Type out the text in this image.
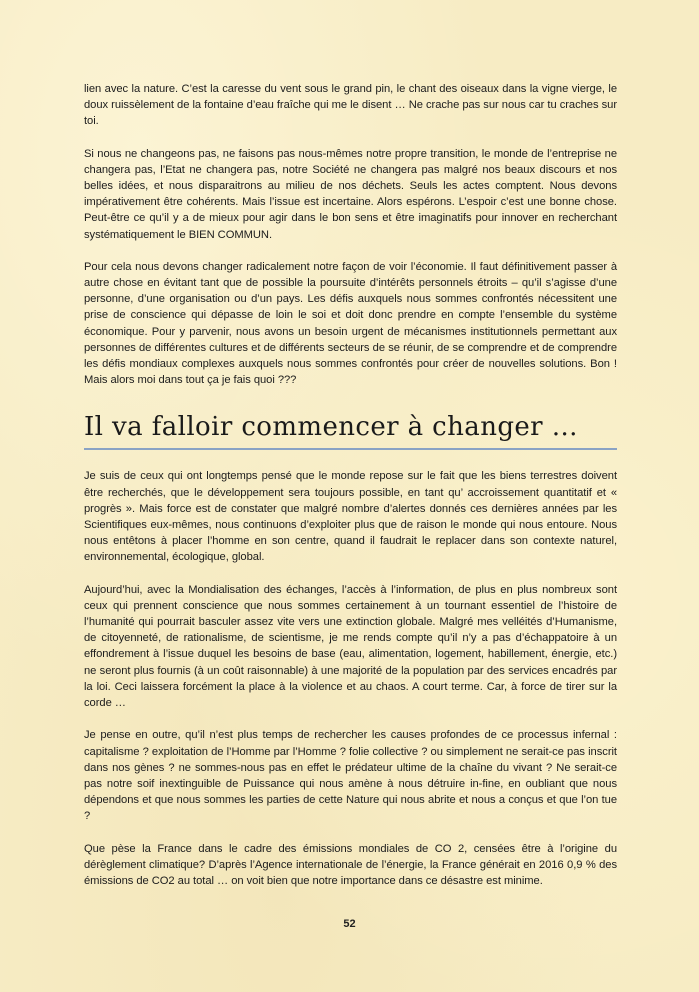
lien avec la nature. C’est la caresse du vent sous le grand pin, le chant des oiseaux dans la vigne vierge, le doux ruissèlement de la fontaine d’eau fraîche qui me le disent … Ne crache pas sur nous car tu craches sur toi.

Si nous ne changeons pas, ne faisons pas nous-mêmes notre propre transition, le monde de l’entreprise ne changera pas, l’Etat ne changera pas, notre Société ne changera pas malgré nos beaux discours et nos belles idées, et nous disparaitrons au milieu de nos déchets. Seuls les actes comptent. Nous devons impérativement être cohérents. Mais l’issue est incertaine. Alors espérons. L’espoir c’est une bonne chose. Peut-être ce qu’il y a de mieux pour agir dans le bon sens et être imaginatifs pour innover en recherchant systématiquement le BIEN COMMUN.

Pour cela nous devons changer radicalement notre façon de voir l’économie. Il faut définitivement passer à autre chose en évitant tant que de possible la poursuite d’intérêts personnels étroits – qu’il s’agisse d’une personne, d’une organisation ou d’un pays. Les défis auxquels nous sommes confrontés nécessitent une prise de conscience qui dépasse de loin le soi et doit donc prendre en compte l’ensemble du système économique. Pour y parvenir, nous avons un besoin urgent de mécanismes institutionnels permettant aux personnes de différentes cultures et de différents secteurs de se réunir, de se comprendre et de comprendre les défis mondiaux complexes auxquels nous sommes confrontés pour créer de nouvelles solutions. Bon ! Mais alors moi dans tout ça je fais quoi ???

Il va falloir commencer à changer …

Je suis de ceux qui ont longtemps pensé que le monde repose sur le fait que les biens terrestres doivent être recherchés, que le développement sera toujours possible, en tant qu’ accroissement quantitatif et « progrès ». Mais force est de constater que malgré nombre d’alertes donnés ces dernières années par les Scientifiques eux-mêmes, nous continuons d’exploiter plus que de raison le monde qui nous entoure. Nous nous entêtons à placer l’homme en son centre, quand il faudrait le replacer dans son contexte naturel, environnemental, écologique, global.

Aujourd’hui, avec la Mondialisation des échanges, l’accès à l’information, de plus en plus nombreux sont ceux qui prennent conscience que nous sommes certainement à un tournant essentiel de l’histoire de l’humanité qui pourrait basculer assez vite vers une extinction globale. Malgré mes velléités d’Humanisme, de citoyenneté, de rationalisme, de scientisme, je me rends compte qu’il n’y a pas d’échappatoire à un effondrement à l’issue duquel les besoins de base (eau, alimentation, logement, habillement, énergie, etc.) ne seront plus fournis (à un coût raisonnable) à une majorité de la population par des services encadrés par la loi. Ceci laissera forcément la place à la violence et au chaos. A court terme. Car, à force de tirer sur la corde …

Je pense en outre, qu’il n’est plus temps de rechercher les causes profondes de ce processus infernal : capitalisme ? exploitation de l’Homme par l’Homme ? folie collective ? ou simplement ne serait-ce pas inscrit dans nos gènes ? ne sommes-nous pas en effet le prédateur ultime de la chaîne du vivant ? Ne serait-ce pas notre soif inextinguible de Puissance qui nous amène à nous détruire in-fine, en oubliant que nous dépendons et que nous sommes les parties de cette Nature qui nous abrite et nous a conçus et que l’on tue ?

Que pèse la France dans le cadre des émissions mondiales de CO 2, censées être à l’origine du dérèglement climatique? D’après l’Agence internationale de l’énergie, la France générait en 2016 0,9 % des émissions de CO2 au total … on voit bien que notre importance dans ce désastre est minime.

52
